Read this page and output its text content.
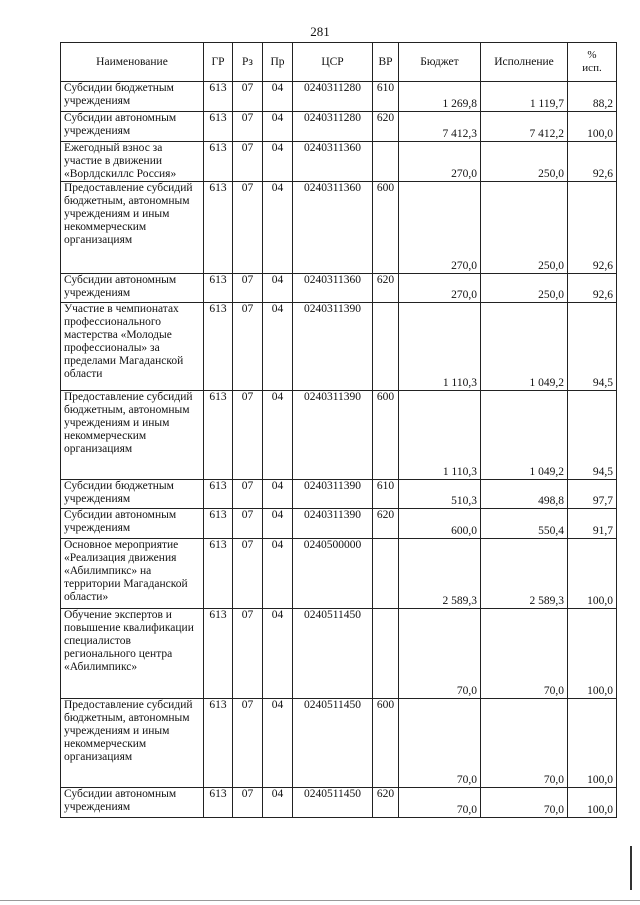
281
Наименование	ГР	Рз	Пр	ЦСР	ВР	Бюджет	Исполнение	%
исп.
Субсидии бюджетным учреждениям	613	07	04	0240311280	610	1 269,8	1 119,7	88,2
Субсидии автономным учреждениям	613	07	04	0240311280	620	7 412,3	7 412,2	100,0
Ежегодный взнос за участие в движении «Ворлдскиллс Россия»	613	07	04	0240311360		270,0	250,0	92,6
Предоставление субсидий бюджетным, автономным учреждениям и иным некоммерческим организациям	613	07	04	0240311360	600	270,0	250,0	92,6
Субсидии автономным учреждениям	613	07	04	0240311360	620	270,0	250,0	92,6
Участие в чемпионатах профессионального мастерства «Молодые профессионалы» за пределами Магаданской области	613	07	04	0240311390		1 110,3	1 049,2	94,5
Предоставление субсидий бюджетным, автономным учреждениям и иным некоммерческим организациям	613	07	04	0240311390	600	1 110,3	1 049,2	94,5
Субсидии бюджетным учреждениям	613	07	04	0240311390	610	510,3	498,8	97,7
Субсидии автономным учреждениям	613	07	04	0240311390	620	600,0	550,4	91,7
Основное мероприятие «Реализация движения «Абилимпикс» на территории Магаданской области»	613	07	04	0240500000		2 589,3	2 589,3	100,0
Обучение экспертов и повышение квалификации специалистов регионального центра «Абилимпикс»	613	07	04	0240511450		70,0	70,0	100,0
Предоставление субсидий бюджетным, автономным учреждениям и иным некоммерческим организациям	613	07	04	0240511450	600	70,0	70,0	100,0
Субсидии автономным учреждениям	613	07	04	0240511450	620	70,0	70,0	100,0
